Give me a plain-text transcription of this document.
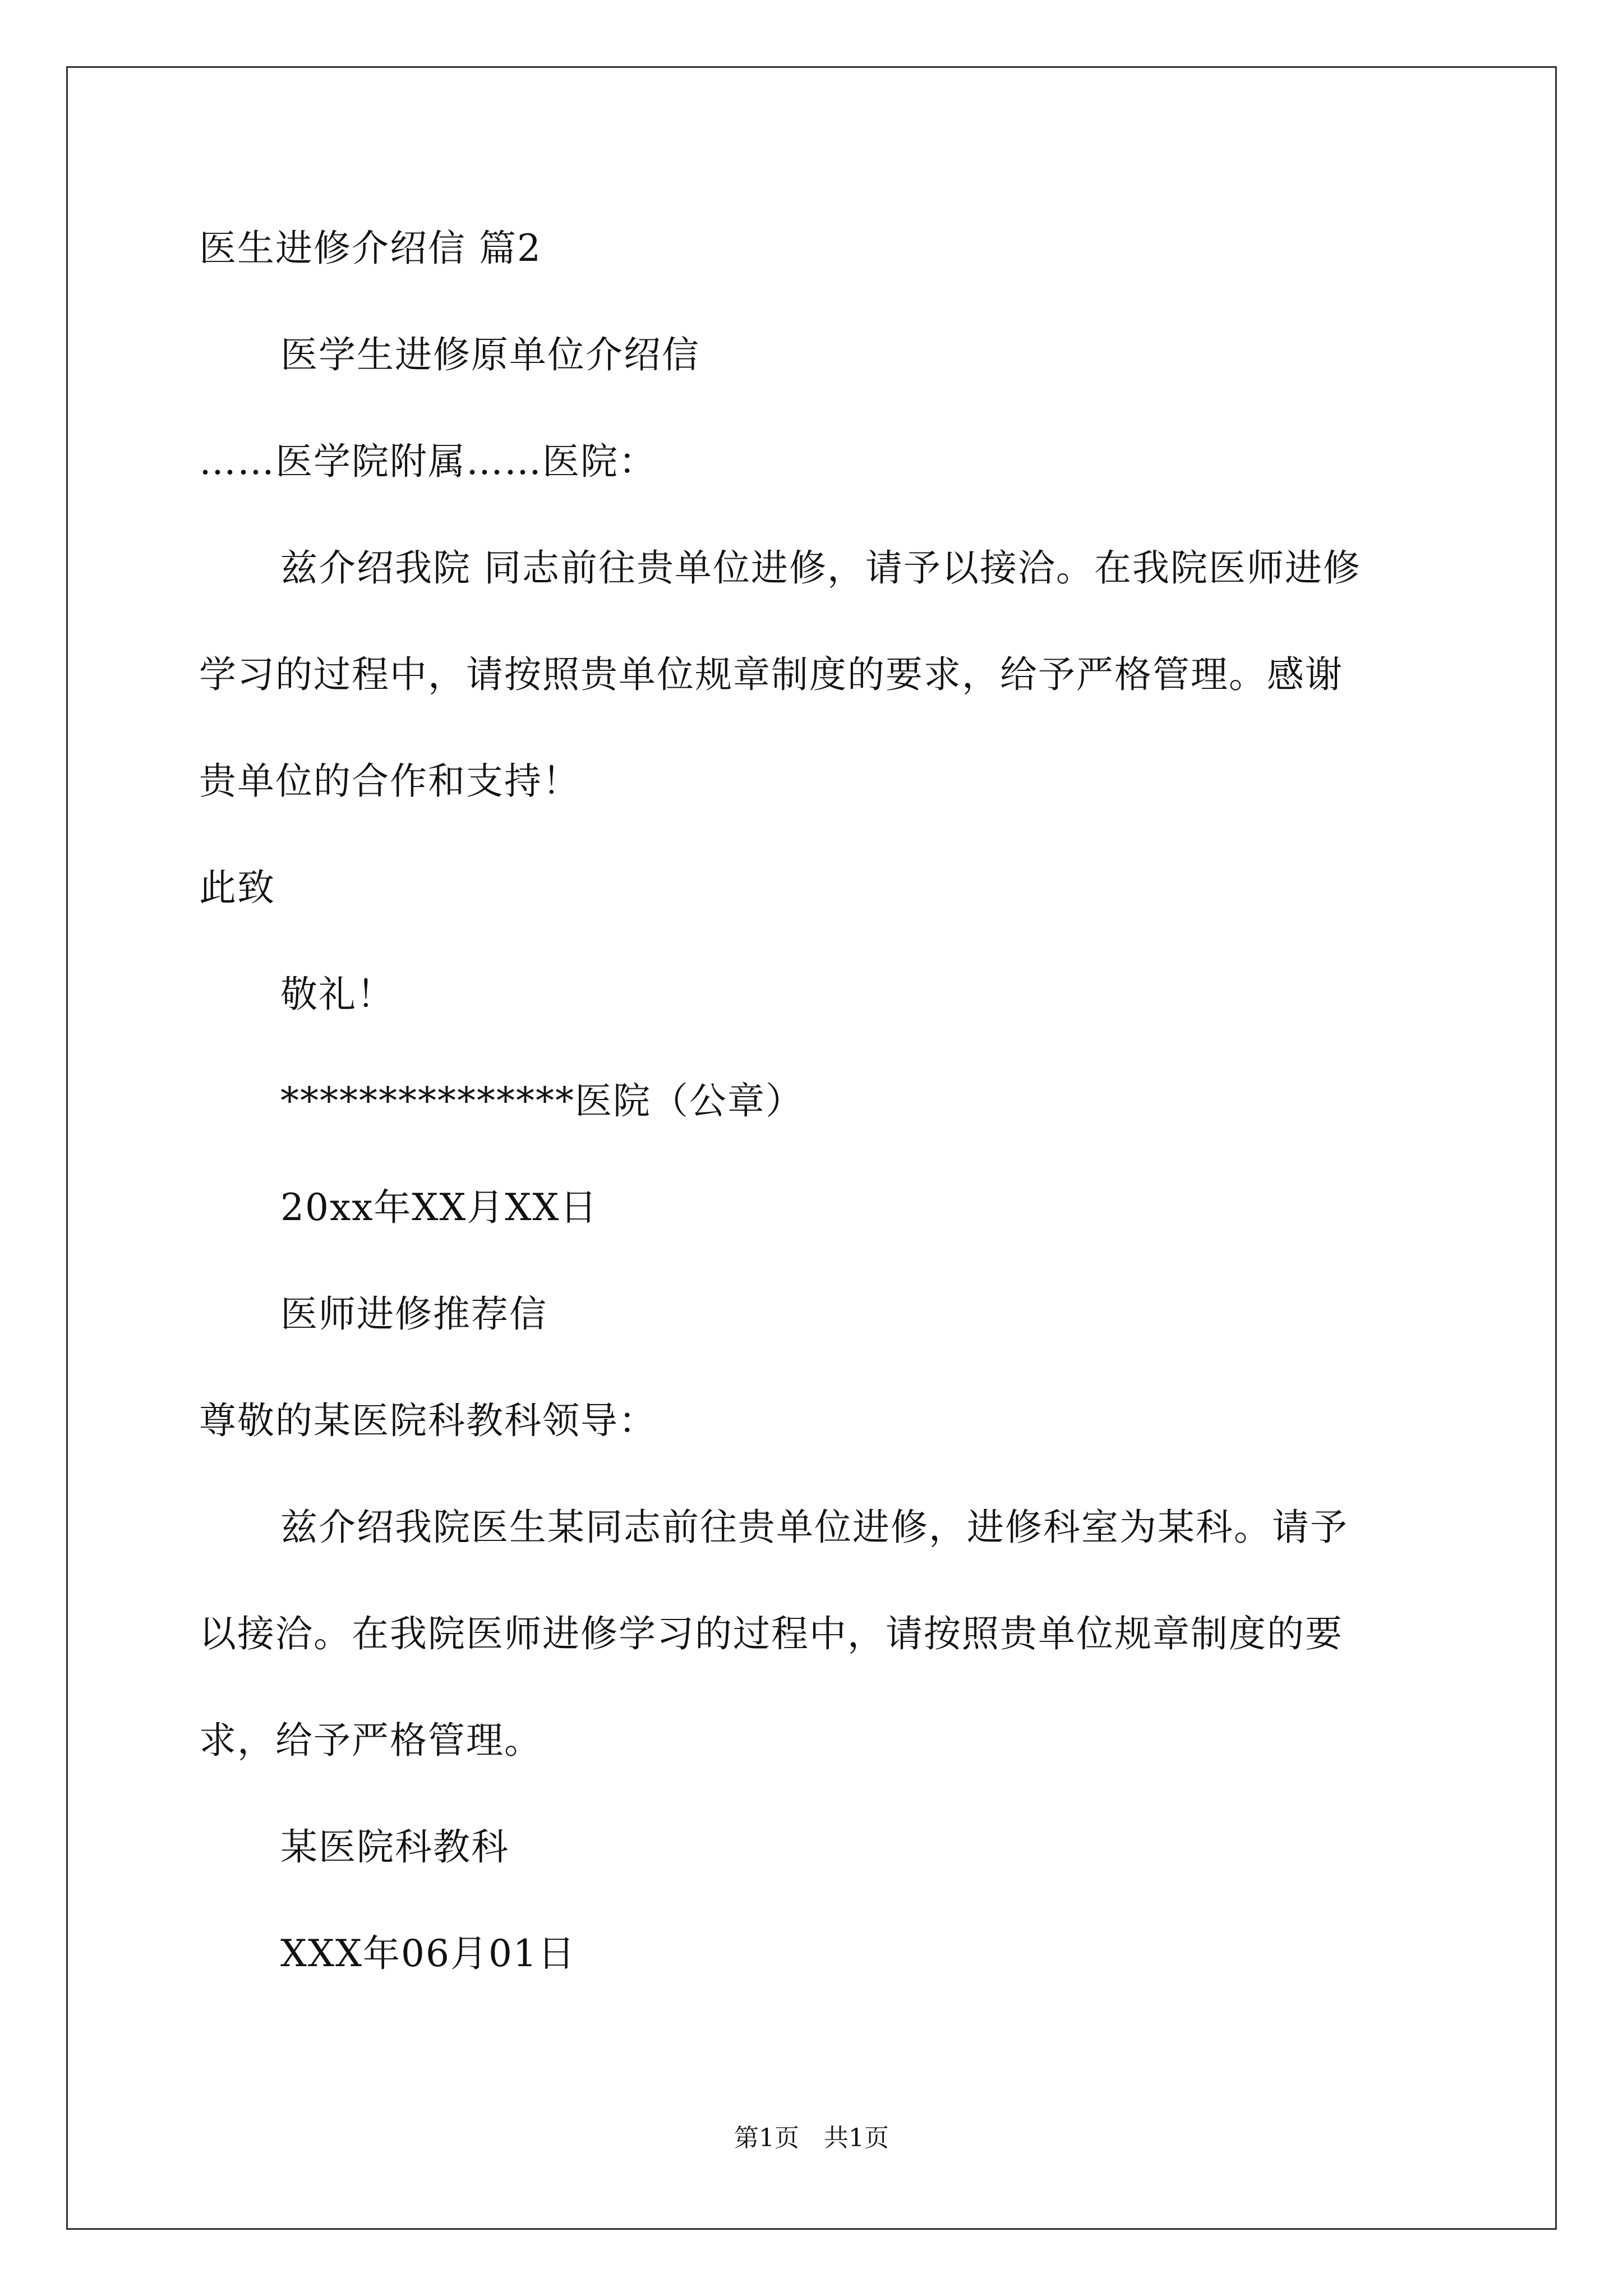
医生进修介绍信 篇2
医学生进修原单位介绍信
……医学院附属……医院：
兹介绍我院 同志前往贵单位进修，请予以接洽。在我院医师进修
学习的过程中，请按照贵单位规章制度的要求，给予严格管理。感谢
贵单位的合作和支持！
此致
敬礼！
***************医院（公章）
20xx年XX月XX日
医师进修推荐信
尊敬的某医院科教科领导：
兹介绍我院医生某同志前往贵单位进修，进修科室为某科。请予
以接洽。在我院医师进修学习的过程中，请按照贵单位规章制度的要
求，给予严格管理。
某医院科教科
XXX年06月01日
第1页　共1页
